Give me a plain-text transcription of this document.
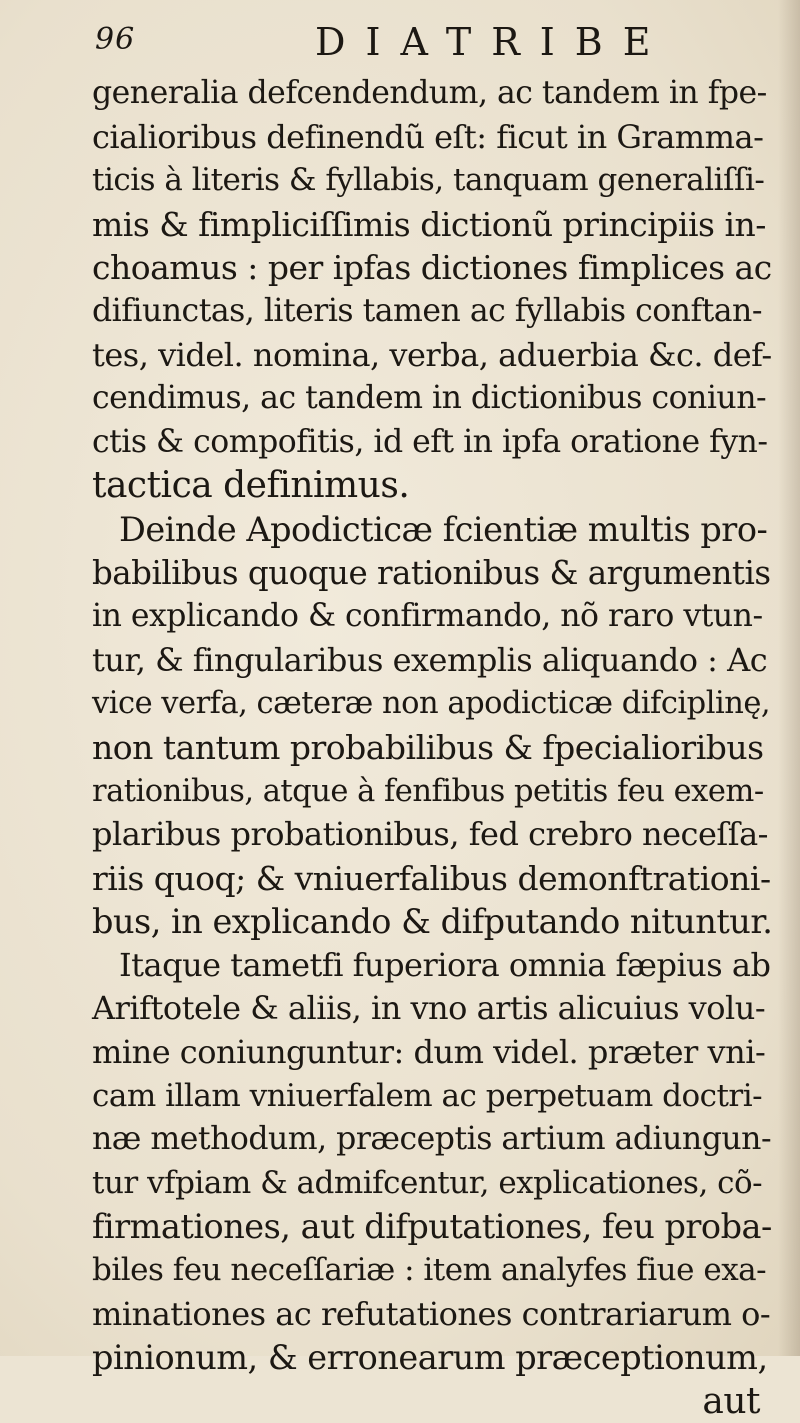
96	DIATRIBE
generalia defcendendum, ac tandem in fpe-
cialioribus definendũ eſt: ficut in Gramma-
ticis à literis & fyllabis, tanquam generaliſſi-
mis & fimpliciſſimis dictionũ principiis in-
choamus : per ipfas dictiones fimplices ac
difiunctas, literis tamen ac fyllabis conftan-
tes, videl. nomina, verba, aduerbia &c. def-
cendimus, ac tandem in dictionibus coniun-
ctis & compofitis, id eft in ipfa oratione fyn-
tactica definimus.
Deinde Apodicticæ fcientiæ multis pro-
babilibus quoque rationibus & argumentis
in explicando & confirmando, nõ raro vtun-
tur, & fingularibus exemplis aliquando : Ac
vice verfa, cæteræ non apodicticæ difciplinę,
non tantum probabilibus & fpecialioribus
rationibus, atque à fenfibus petitis feu exem-
plaribus probationibus, fed crebro neceſſa-
riis quoq; & vniuerfalibus demonftrationi-
bus, in explicando & difputando nituntur.
Itaque tametfi fuperiora omnia fæpius ab
Ariftotele & aliis, in vno artis alicuius volu-
mine coniunguntur: dum videl. præter vni-
cam illam vniuerfalem ac perpetuam doctri-
næ methodum, præceptis artium adiungun-
tur vfpiam & admifcentur, explicationes, cõ-
firmationes, aut difputationes, feu proba-
biles feu neceſſariæ : item analyfes fiue exa-
minationes ac refutationes contrariarum o-
pinionum, & erronearum præceptionum,
aut
